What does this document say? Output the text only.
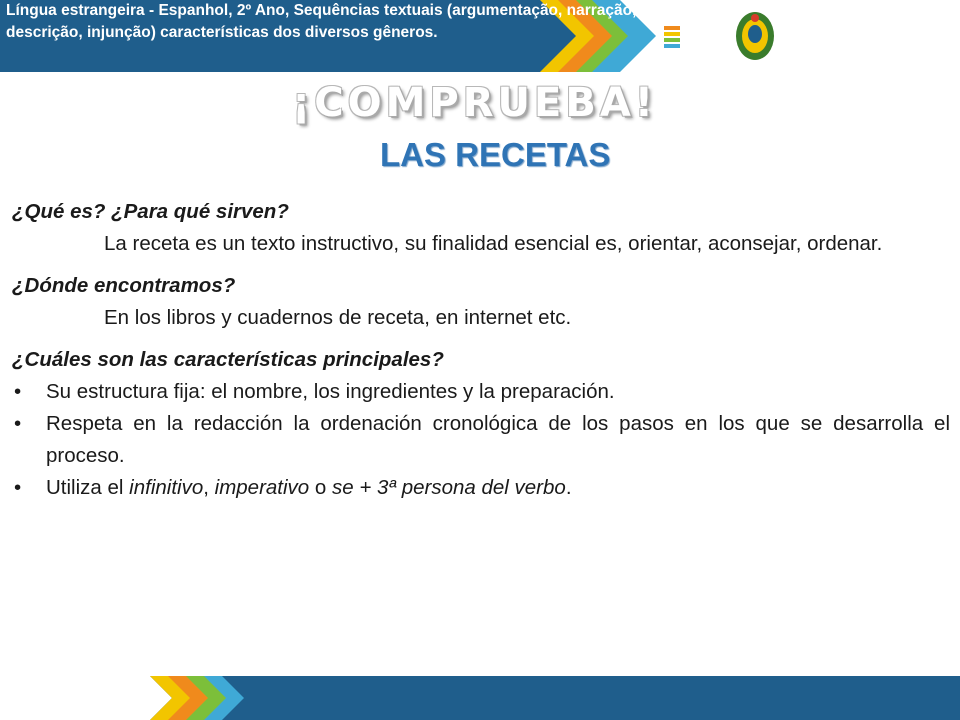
Língua estrangeira - Espanhol, 2º Ano, Sequências textuais (argumentação, narração, descrição, injunção) características dos diversos gêneros.
¡COMPRUEBA!
LAS RECETAS

¿Qué es? ¿Para qué sirven?

La receta es un texto instructivo, su finalidad esencial es, orientar, aconsejar, ordenar.

¿Dónde encontramos?

En los libros y cuadernos de receta, en internet etc.

¿Cuáles son las características principales?

• Su estructura fija: el nombre, los ingredientes y la preparación.
• Respeta en la redacción la ordenación cronológica de los pasos en los que se desarrolla el proceso.
• Utiliza el infinitivo, imperativo o se + 3ª persona del verbo.
